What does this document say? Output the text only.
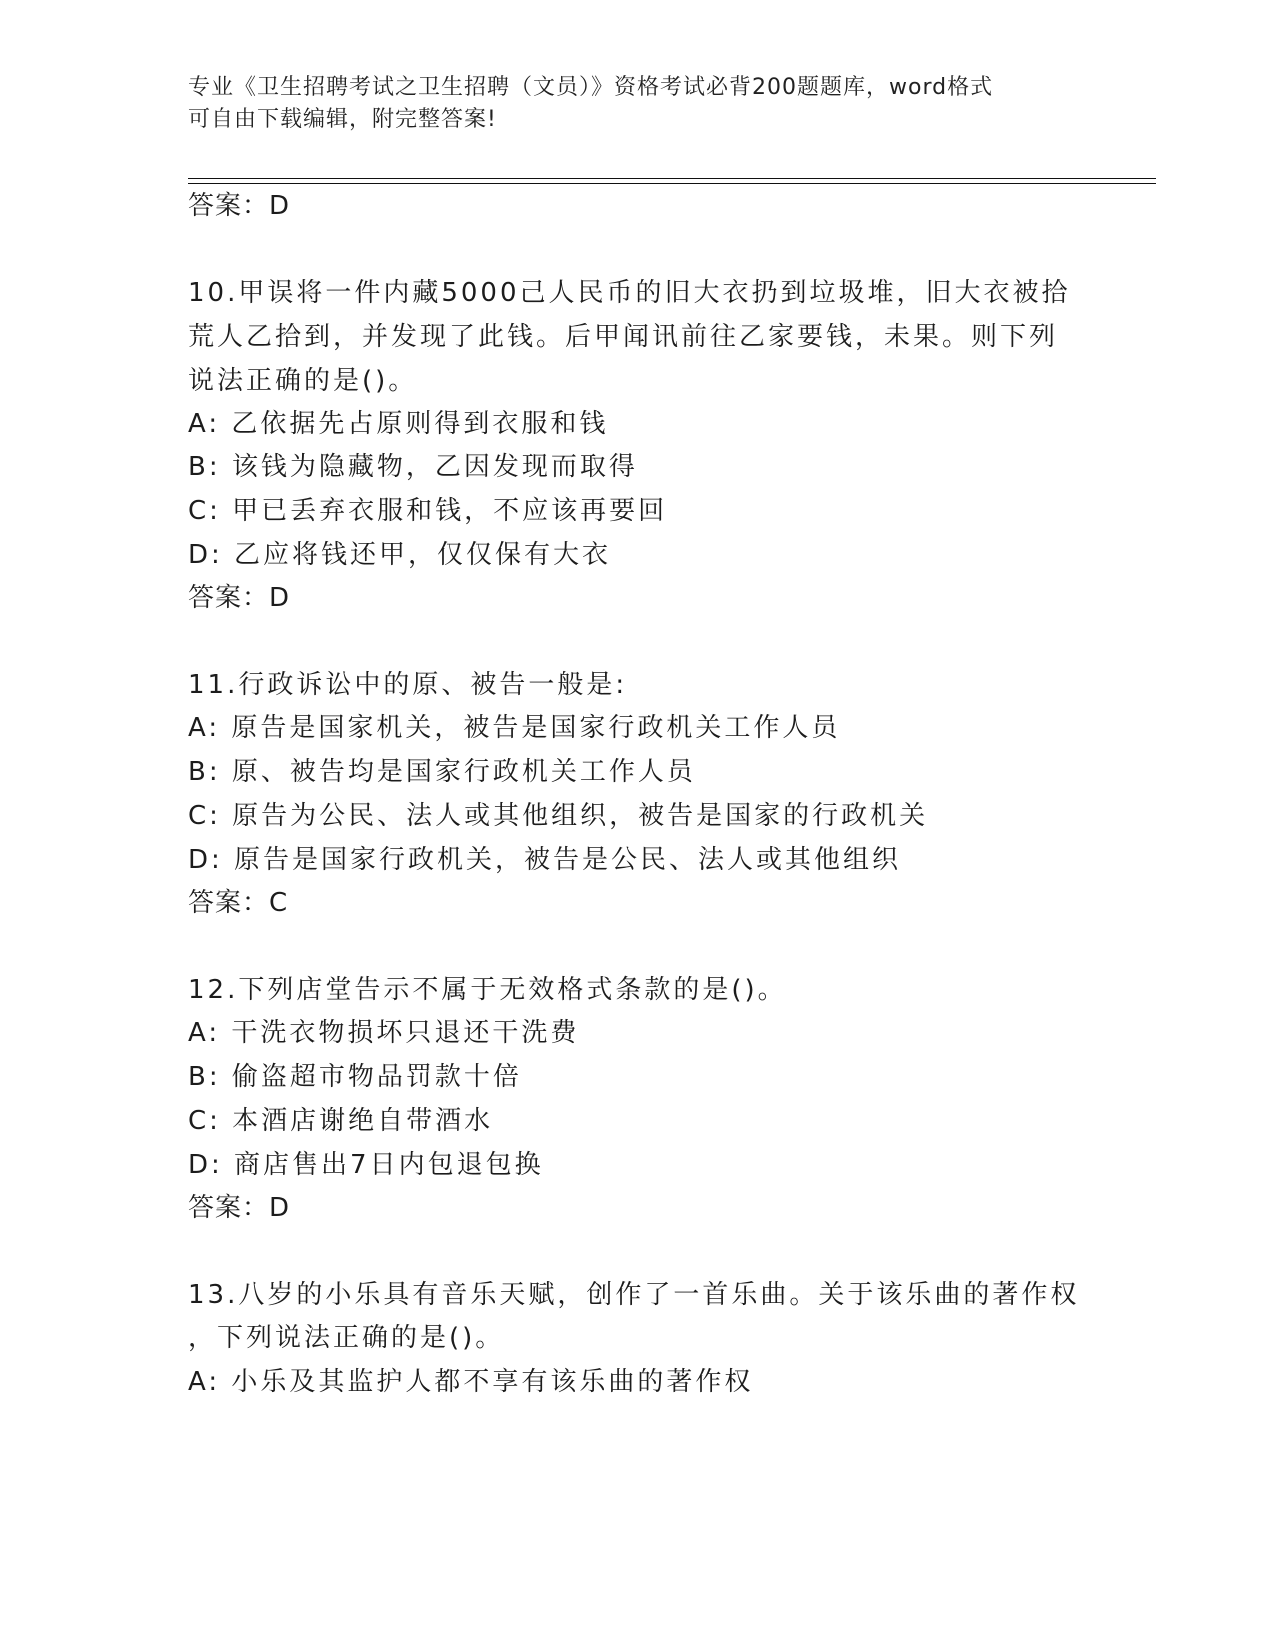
专业《卫生招聘考试之卫生招聘（文员）》资格考试必背200题题库，word格式
可自由下载编辑，附完整答案!
答案：D
10.甲误将一件内藏5000己人民币的旧大衣扔到垃圾堆，旧大衣被拾
荒人乙拾到，并发现了此钱。后甲闻讯前往乙家要钱，未果。则下列
说法正确的是()。
A: 乙依据先占原则得到衣服和钱
B: 该钱为隐藏物，乙因发现而取得
C: 甲已丢弃衣服和钱，不应该再要回
D: 乙应将钱还甲，仅仅保有大衣
答案：D
11.行政诉讼中的原、被告一般是:
A: 原告是国家机关，被告是国家行政机关工作人员
B: 原、被告均是国家行政机关工作人员
C: 原告为公民、法人或其他组织，被告是国家的行政机关
D: 原告是国家行政机关，被告是公民、法人或其他组织
答案：C
12.下列店堂告示不属于无效格式条款的是()。
A: 干洗衣物损坏只退还干洗费
B: 偷盗超市物品罚款十倍
C: 本酒店谢绝自带酒水
D: 商店售出7日内包退包换
答案：D
13.八岁的小乐具有音乐天赋，创作了一首乐曲。关于该乐曲的著作权
，下列说法正确的是()。
A: 小乐及其监护人都不享有该乐曲的著作权
